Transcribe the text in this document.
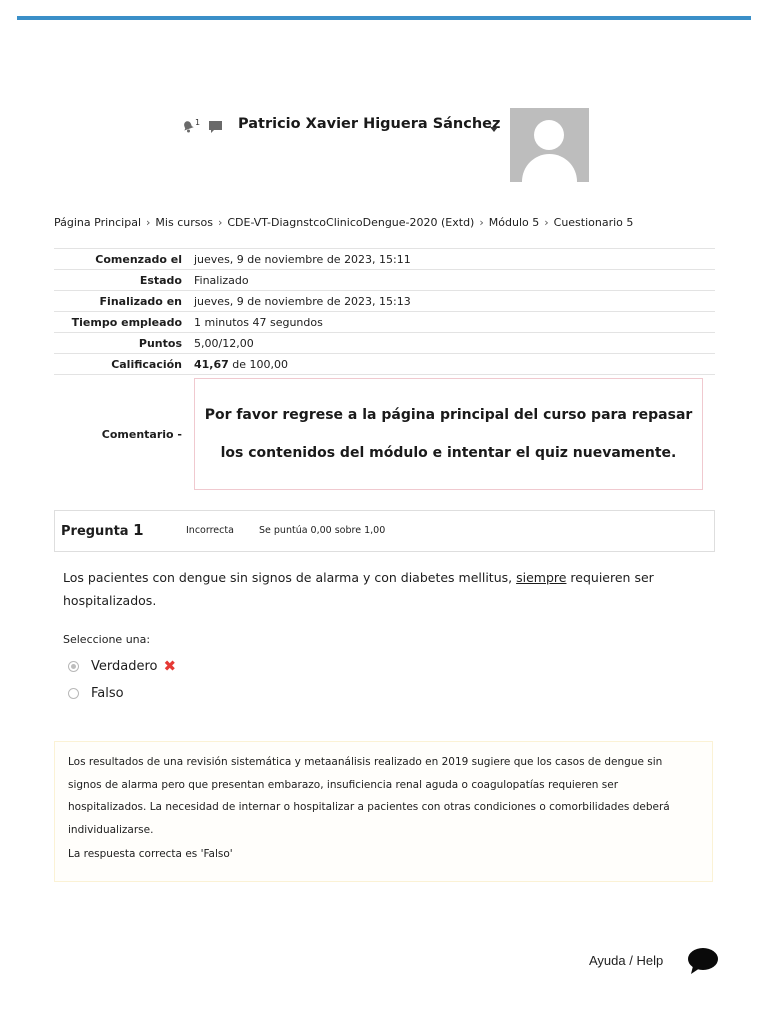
1	Patricio Xavier Higuera Sánchez
Página Principal › Mis cursos › CDE-VT-DiagnstcoClinicoDengue-2020 (Extd) › Módulo 5 › Cuestionario 5
Comenzado el	jueves, 9 de noviembre de 2023, 15:11
Estado	Finalizado
Finalizado en	jueves, 9 de noviembre de 2023, 15:13
Tiempo empleado	1 minutos 47 segundos
Puntos	5,00/12,00
Calificación	41,67 de 100,00
Comentario -	Por favor regrese a la página principal del curso para repasar

los contenidos del módulo e intentar el quiz nuevamente.

Pregunta 1	Incorrecta	Se puntúa 0,00 sobre 1,00
Los pacientes con dengue sin signos de alarma y con diabetes mellitus, siempre requieren ser hospitalizados.
Seleccione una:
Verdadero ✖
Falso
Los resultados de una revisión sistemática y metaanálisis realizado en 2019 sugiere que los casos de dengue sin signos de alarma pero que presentan embarazo, insuficiencia renal aguda o coagulopatías requieren ser hospitalizados. La necesidad de internar o hospitalizar a pacientes con otras condiciones o comorbilidades deberá individualizarse.
La respuesta correcta es 'Falso'
Ayuda / Help
